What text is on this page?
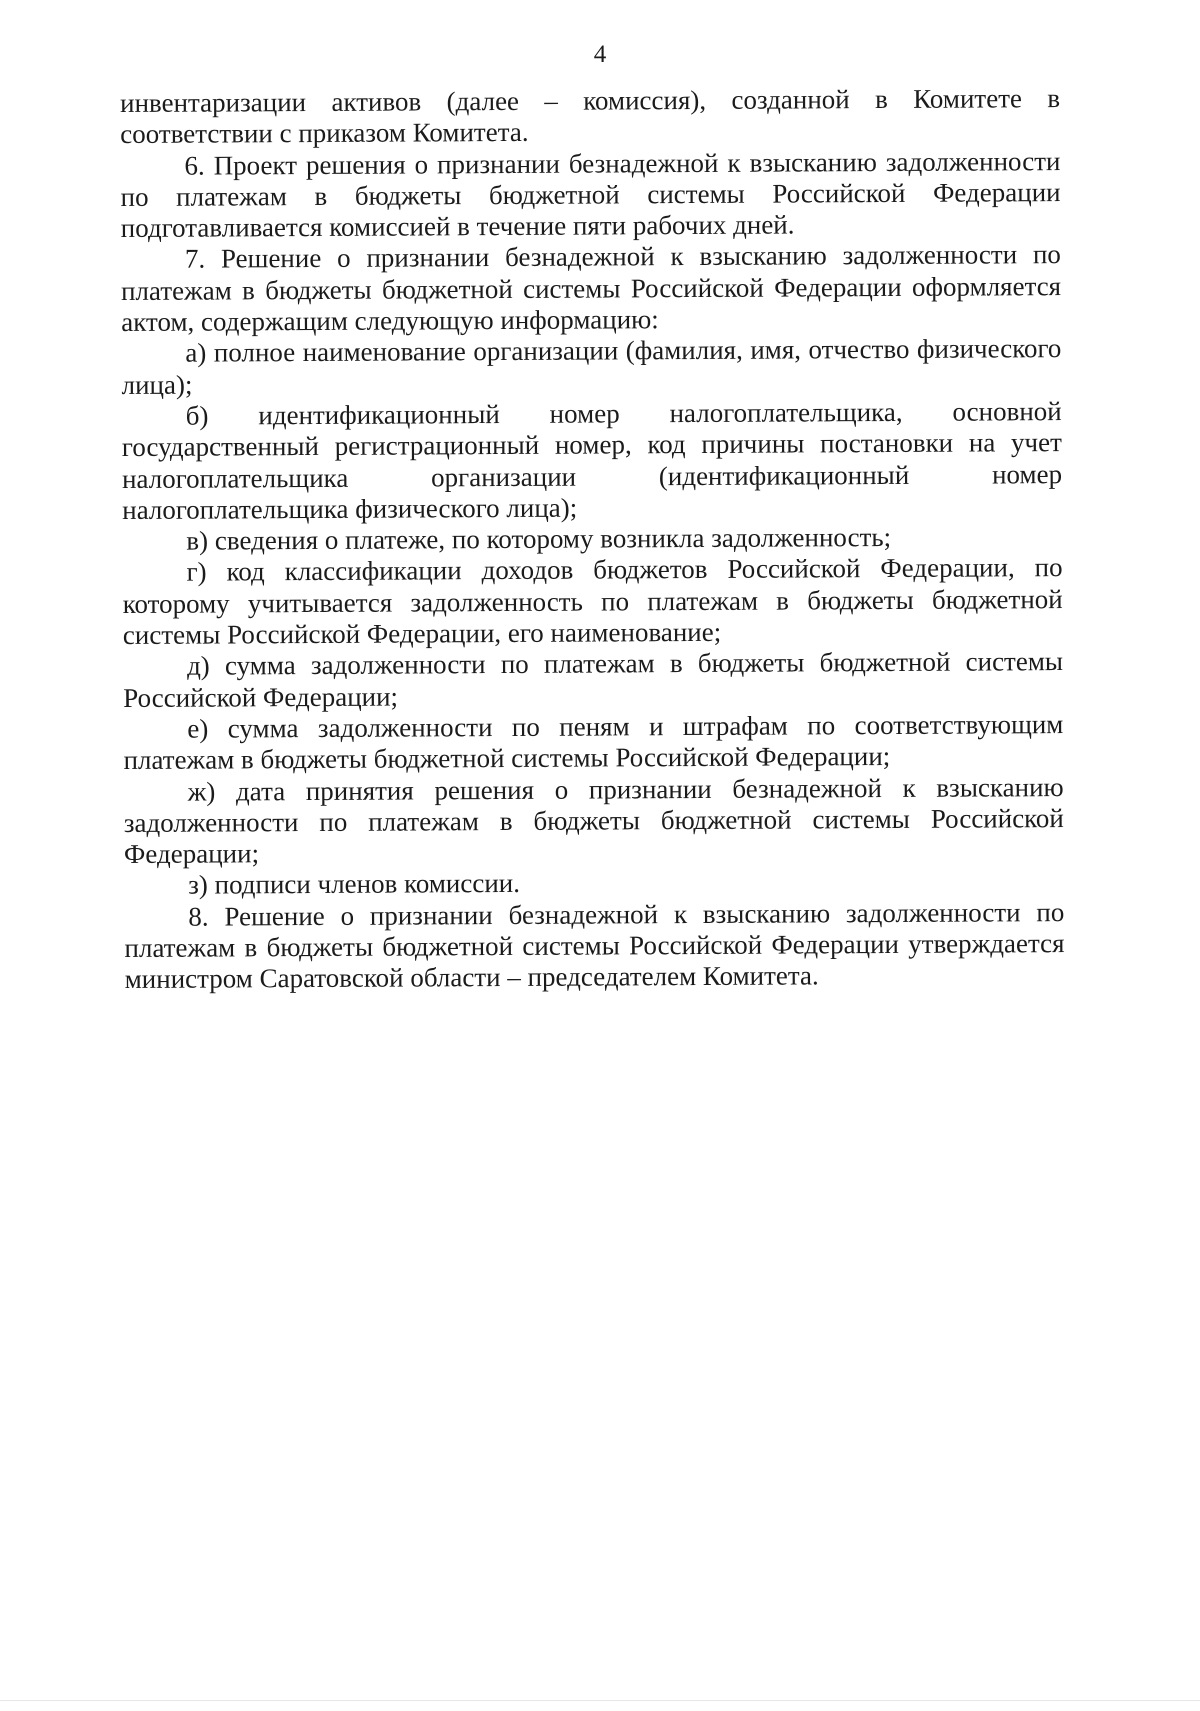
4

инвентаризации активов (далее – комиссия), созданной в Комитете в соответствии с приказом Комитета.

6. Проект решения о признании безнадежной к взысканию задолженности по платежам в бюджеты бюджетной системы Российской Федерации подготавливается комиссией в течение пяти рабочих дней.

7. Решение о признании безнадежной к взысканию задолженности по платежам в бюджеты бюджетной системы Российской Федерации оформляется актом, содержащим следующую информацию:

а) полное наименование организации (фамилия, имя, отчество физического лица);

б) идентификационный номер налогоплательщика, основной государственный регистрационный номер, код причины постановки на учет налогоплательщика организации (идентификационный номер налогоплательщика физического лица);

в) сведения о платеже, по которому возникла задолженность;

г) код классификации доходов бюджетов Российской Федерации, по которому учитывается задолженность по платежам в бюджеты бюджетной системы Российской Федерации, его наименование;

д) сумма задолженности по платежам в бюджеты бюджетной системы Российской Федерации;

е) сумма задолженности по пеням и штрафам по соответствующим платежам в бюджеты бюджетной системы Российской Федерации;

ж) дата принятия решения о признании безнадежной к взысканию задолженности по платежам в бюджеты бюджетной системы Российской Федерации;

з) подписи членов комиссии.

8. Решение о признании безнадежной к взысканию задолженности по платежам в бюджеты бюджетной системы Российской Федерации утверждается министром Саратовской области – председателем Комитета.
